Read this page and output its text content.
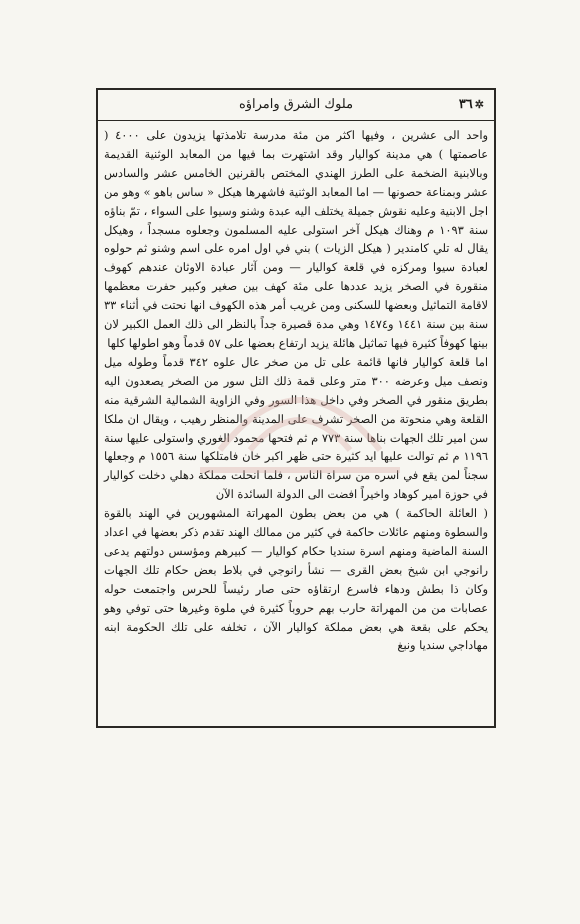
✲٣٦
ملوك الشرق وامراؤه

واحد الى عشرين ، وفيها اكثر من مئة مدرسة تلامذتها يزيدون على ٤٠٠٠ ( عاصمتها ) هي مدينة كواليار وقد اشتهرت بما فيها من المعابد الوثنية القديمة وبالابنية الضخمة على الطرز الهندي المختص بالقرنين الخامس عشر والسادس عشر وبمناعة حصونها — اما المعابد الوثنية فاشهرها هيكل « ساس باهو » وهو من اجل الابنية وعليه نقوش جميلة يختلف اليه عبدة وشنو وسيوا على السواء ، تمّ بناؤه سنة ١٠٩٣ م وهناك هيكل آخر استولى عليه المسلمون وجعلوه مسجداً ، وهيكل يقال له تلي كامندير ( هيكل الزيات ) بني في اول امره على اسم وشنو ثم حولوه لعبادة سيوا ومركزه في قلعة كواليار — ومن آثار عبادة الاوثان عندهم كهوف منقورة في الصخر يزيد عددها على مئة كهف بين صغير وكبير حفرت معظمها لاقامة التماثيل وبعضها للسكنى ومن غريب أمر هذه الكهوف انها نحتت في أثناء ٣٣ سنة بين سنة ١٤٤١ و١٤٧٤ وهي مدة قصيرة جداً بالنظر الى ذلك العمل الكبير لان بينها كهوفاً كثيرة فيها تماثيل هائلة يزيد ارتفاع بعضها على ٥٧ قدماً وهو اطولها كلها

اما قلعة كواليار فانها قائمة على تل من صخر عال علوه ٣٤٢ قدماً وطوله ميل ونصف ميل وعرضه ٣٠٠ متر وعلى قمة ذلك التل سور من الصخر يصعدون اليه بطريق منقور في الصخر وفي داخل هذا السور وفي الزاوية الشمالية الشرقية منه القلعة وهي منحوتة من الصخر تشرف على المدينة والمنظر رهيب ، ويقال ان ملكا سن امير تلك الجهات بناها سنة ٧٧٣ م ثم فتحها محمود الغوري واستولى عليها سنة ١١٩٦ م ثم توالت عليها ايد كثيرة حتى ظهر اكبر خان فامتلكها سنة ١٥٥٦ م وجعلها سجناً لمن يقع في اسره من سراة الناس ، فلما انحلت مملكة دهلي دخلت كواليار في حوزة امير كوهاد واخيراً افضت الى الدولة السائدة الآن

( العائلة الحاكمة ) هي من بعض بطون المهراتة المشهورين في الهند بالقوة والسطوة ومنهم عائلات حاكمة في كثير من ممالك الهند تقدم ذكر بعضها في اعداد السنة الماضية ومنهم اسرة سنديا حكام كواليار — كبيرهم ومؤسس دولتهم يدعى رانوجي ابن شيخ بعض القرى — نشأ رانوجي في بلاط بعض حكام تلك الجهات وكان ذا بطش ودهاء فاسرع ارتقاؤه حتى صار رئيساً للحرس واجتمعت حوله عصابات من من المهراتة حارب بهم حروباً كثيرة في ملوة وغيرها حتى توفي وهو يحكم على بقعة هي بعض مملكة كواليار الآن ، تخلفه على تلك الحكومة ابنه مهاداجي سنديا ونبغ
